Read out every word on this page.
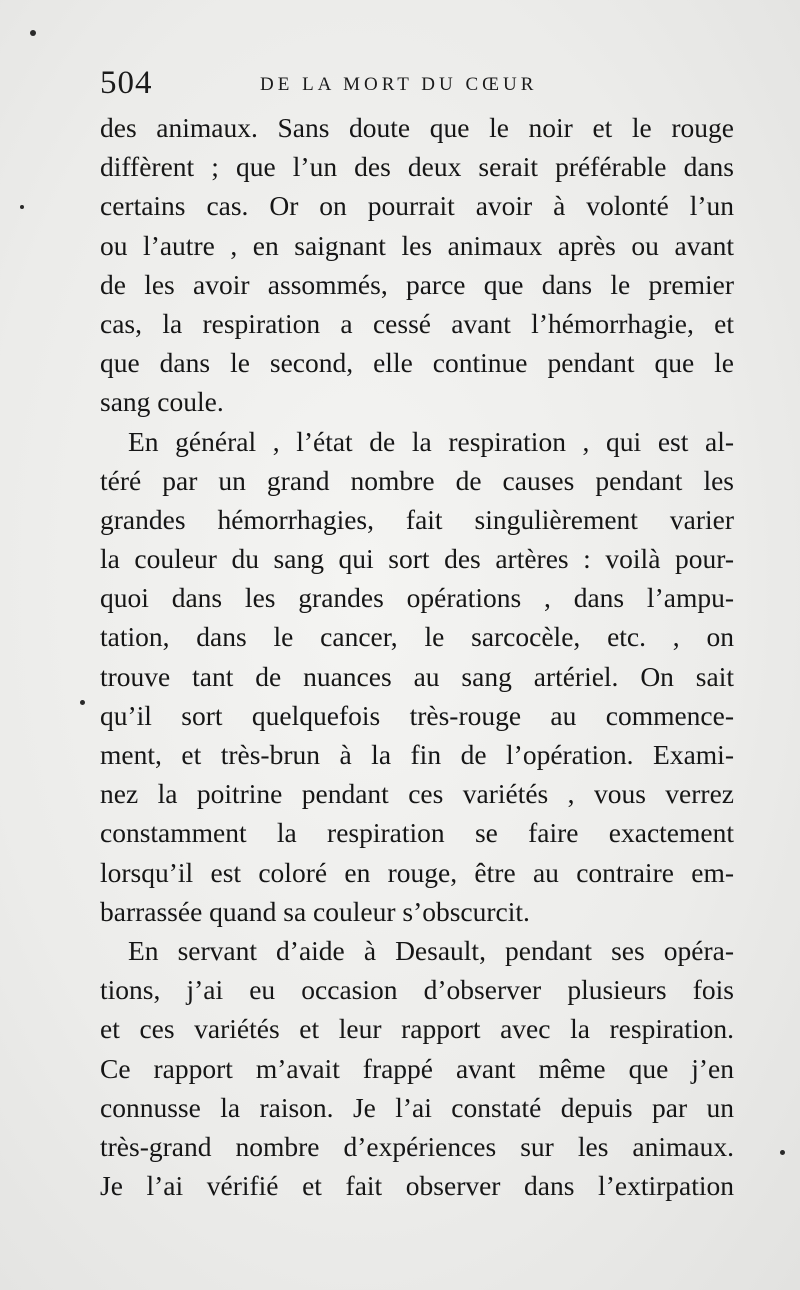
504	DE LA MORT DU CŒUR
des animaux. Sans doute que le noir et le rouge
diffèrent ; que l’un des deux serait préférable dans
certains cas. Or on pourrait avoir à volonté l’un
ou l’autre , en saignant les animaux après ou avant
de les avoir assommés, parce que dans le premier
cas, la respiration a cessé avant l’hémorrhagie, et
que dans le second, elle continue pendant que le
sang coule.
En général , l’état de la respiration , qui est al-
téré par un grand nombre de causes pendant les
grandes hémorrhagies, fait singulièrement varier
la couleur du sang qui sort des artères : voilà pour-
quoi dans les grandes opérations , dans l’ampu-
tation, dans le cancer, le sarcocèle, etc. , on
trouve tant de nuances au sang artériel. On sait
qu’il sort quelquefois très-rouge au commence-
ment, et très-brun à la fin de l’opération. Exami-
nez la poitrine pendant ces variétés , vous verrez
constamment la respiration se faire exactement
lorsqu’il est coloré en rouge, être au contraire em-
barrassée quand sa couleur s’obscurcit.
En servant d’aide à Desault, pendant ses opéra-
tions, j’ai eu occasion d’observer plusieurs fois
et ces variétés et leur rapport avec la respiration.
Ce rapport m’avait frappé avant même que j’en
connusse la raison. Je l’ai constaté depuis par un
très-grand nombre d’expériences sur les animaux.
Je l’ai vérifié et fait observer dans l’extirpation
